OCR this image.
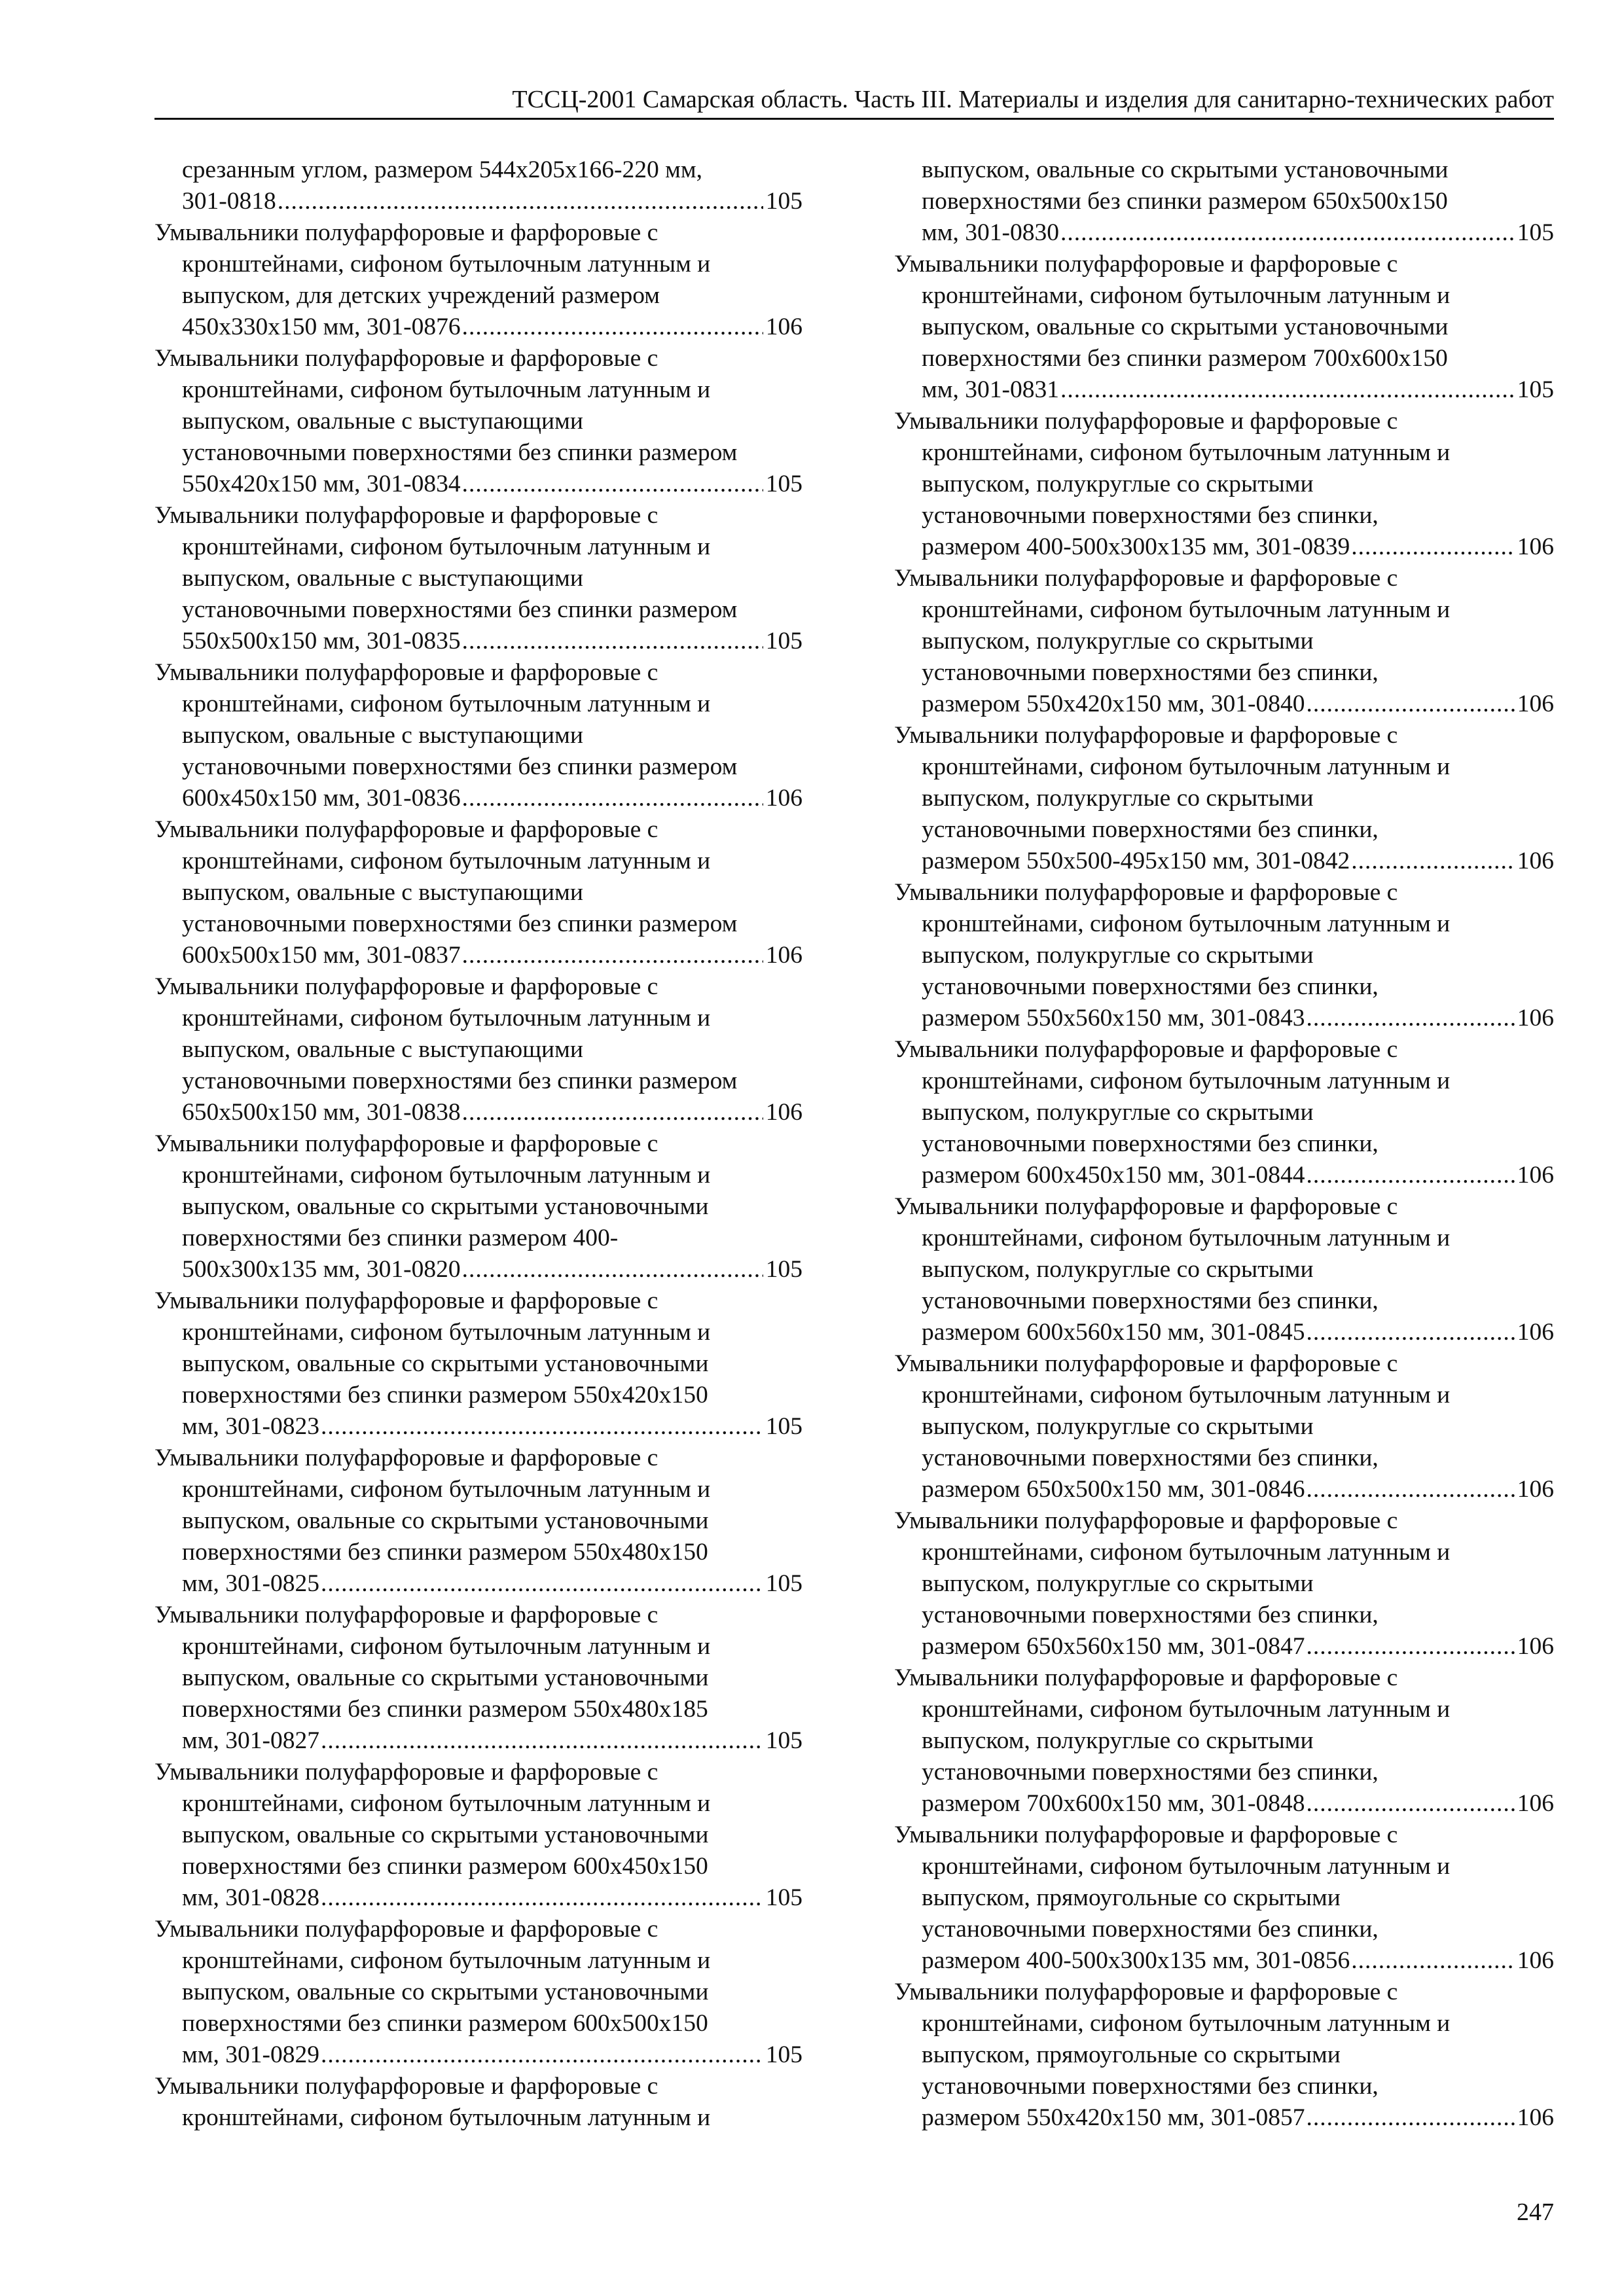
ТССЦ-2001 Самарская область. Часть III. Материалы и изделия для санитарно-технических работ
срезанным углом, размером 544x205x166-220 мм,
301-0818 .....	105
Умывальники полуфарфоровые и фарфоровые с
кронштейнами, сифоном бутылочным латунным и
выпуском, для детских учреждений размером
450x330x150 мм, 301-0876 .....	106
Умывальники полуфарфоровые и фарфоровые с
кронштейнами, сифоном бутылочным латунным и
выпуском, овальные с выступающими
установочными поверхностями без спинки размером
550x420x150 мм, 301-0834 .....	105
Умывальники полуфарфоровые и фарфоровые с
кронштейнами, сифоном бутылочным латунным и
выпуском, овальные с выступающими
установочными поверхностями без спинки размером
550x500x150 мм, 301-0835 .....	105
Умывальники полуфарфоровые и фарфоровые с
кронштейнами, сифоном бутылочным латунным и
выпуском, овальные с выступающими
установочными поверхностями без спинки размером
600x450x150 мм, 301-0836 .....	106
Умывальники полуфарфоровые и фарфоровые с
кронштейнами, сифоном бутылочным латунным и
выпуском, овальные с выступающими
установочными поверхностями без спинки размером
600x500x150 мм, 301-0837 .....	106
Умывальники полуфарфоровые и фарфоровые с
кронштейнами, сифоном бутылочным латунным и
выпуском, овальные с выступающими
установочными поверхностями без спинки размером
650x500x150 мм, 301-0838 .....	106
Умывальники полуфарфоровые и фарфоровые с
кронштейнами, сифоном бутылочным латунным и
выпуском, овальные со скрытыми установочными
поверхностями без спинки размером 400-
500x300x135 мм, 301-0820 .....	105
Умывальники полуфарфоровые и фарфоровые с
кронштейнами, сифоном бутылочным латунным и
выпуском, овальные со скрытыми установочными
поверхностями без спинки размером 550x420x150
мм, 301-0823 .....	105
Умывальники полуфарфоровые и фарфоровые с
кронштейнами, сифоном бутылочным латунным и
выпуском, овальные со скрытыми установочными
поверхностями без спинки размером 550x480x150
мм, 301-0825 .....	105
Умывальники полуфарфоровые и фарфоровые с
кронштейнами, сифоном бутылочным латунным и
выпуском, овальные со скрытыми установочными
поверхностями без спинки размером 550x480x185
мм, 301-0827 .....	105
Умывальники полуфарфоровые и фарфоровые с
кронштейнами, сифоном бутылочным латунным и
выпуском, овальные со скрытыми установочными
поверхностями без спинки размером 600x450x150
мм, 301-0828 .....	105
Умывальники полуфарфоровые и фарфоровые с
кронштейнами, сифоном бутылочным латунным и
выпуском, овальные со скрытыми установочными
поверхностями без спинки размером 600x500x150
мм, 301-0829 .....	105
Умывальники полуфарфоровые и фарфоровые с
кронштейнами, сифоном бутылочным латунным и
выпуском, овальные со скрытыми установочными
поверхностями без спинки размером 650x500x150
мм, 301-0830 .....	105
Умывальники полуфарфоровые и фарфоровые с
кронштейнами, сифоном бутылочным латунным и
выпуском, овальные со скрытыми установочными
поверхностями без спинки размером 700x600x150
мм, 301-0831 .....	105
Умывальники полуфарфоровые и фарфоровые с
кронштейнами, сифоном бутылочным латунным и
выпуском, полукруглые со скрытыми
установочными поверхностями без спинки,
размером 400-500x300x135 мм, 301-0839 .....	106
Умывальники полуфарфоровые и фарфоровые с
кронштейнами, сифоном бутылочным латунным и
выпуском, полукруглые со скрытыми
установочными поверхностями без спинки,
размером 550x420x150 мм, 301-0840 .....	106
Умывальники полуфарфоровые и фарфоровые с
кронштейнами, сифоном бутылочным латунным и
выпуском, полукруглые со скрытыми
установочными поверхностями без спинки,
размером 550x500-495x150 мм, 301-0842 .....	106
Умывальники полуфарфоровые и фарфоровые с
кронштейнами, сифоном бутылочным латунным и
выпуском, полукруглые со скрытыми
установочными поверхностями без спинки,
размером 550x560x150 мм, 301-0843 .....	106
Умывальники полуфарфоровые и фарфоровые с
кронштейнами, сифоном бутылочным латунным и
выпуском, полукруглые со скрытыми
установочными поверхностями без спинки,
размером 600x450x150 мм, 301-0844 .....	106
Умывальники полуфарфоровые и фарфоровые с
кронштейнами, сифоном бутылочным латунным и
выпуском, полукруглые со скрытыми
установочными поверхностями без спинки,
размером 600x560x150 мм, 301-0845 .....	106
Умывальники полуфарфоровые и фарфоровые с
кронштейнами, сифоном бутылочным латунным и
выпуском, полукруглые со скрытыми
установочными поверхностями без спинки,
размером 650x500x150 мм, 301-0846 .....	106
Умывальники полуфарфоровые и фарфоровые с
кронштейнами, сифоном бутылочным латунным и
выпуском, полукруглые со скрытыми
установочными поверхностями без спинки,
размером 650x560x150 мм, 301-0847 .....	106
Умывальники полуфарфоровые и фарфоровые с
кронштейнами, сифоном бутылочным латунным и
выпуском, полукруглые со скрытыми
установочными поверхностями без спинки,
размером 700x600x150 мм, 301-0848 .....	106
Умывальники полуфарфоровые и фарфоровые с
кронштейнами, сифоном бутылочным латунным и
выпуском, прямоугольные со скрытыми
установочными поверхностями без спинки,
размером 400-500x300x135 мм, 301-0856 .....	106
Умывальники полуфарфоровые и фарфоровые с
кронштейнами, сифоном бутылочным латунным и
выпуском, прямоугольные со скрытыми
установочными поверхностями без спинки,
размером 550x420x150 мм, 301-0857 .....	106
247
